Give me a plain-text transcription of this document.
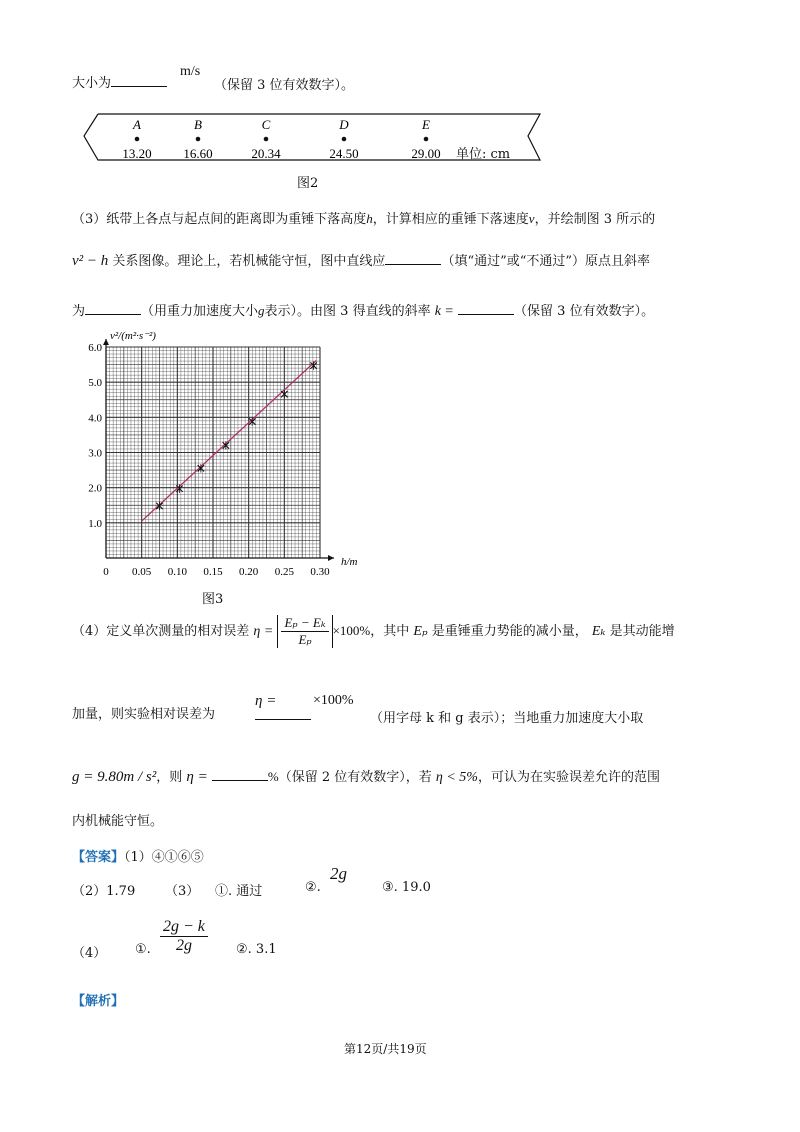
大小为
m/s
（保留 3 位有效数字）。
A
13.20
B
16.60
C
20.34
D
24.50
E
29.00 单位: cm
图2
（3）纸带上各点与起点间的距离即为重锤下落高度h，计算相应的重锤下落速度v，并绘制图 3 所示的
v² − h 关系图像。理论上，若机械能守恒，图中直线应	（填“通过”或“不通过”）原点且斜率
为	（用重力加速度大小g表示）。由图 3 得直线的斜率 k =	（保留 3 位有效数字）。
0 0.05 0.10 0.15 0.20 0.25 0.30
1.0
2.0
3.0
4.0
5.0
6.0
v²/(m²·s⁻²)
h/m
图3
（4）定义单次测量的相对误差 $\eta = \frac{\text{Eₚ − Eₖ}}{\text{Eₚ}} \times 100\%$，其中 Eₚ 是重锤重力势能的减小量， Eₖ 是其动能增
加量，则实验相对误差为
η =	×100%
（用字母 k 和 g 表示）；当地重力加速度大小取
g = 9.80m / s²，则 η =	%（保留 2 位有效数字），若 η < 5%，可认为在实验误差允许的范围
内机械能守恒。
【答案】（1）④①⑥⑤
（2）1.79 （3） ①. 通过	②.
2g
③. 19.0
（4） ①. $\frac{2g - k}{2g}$ ②. 3.1
【解析】
第12页/共19页
